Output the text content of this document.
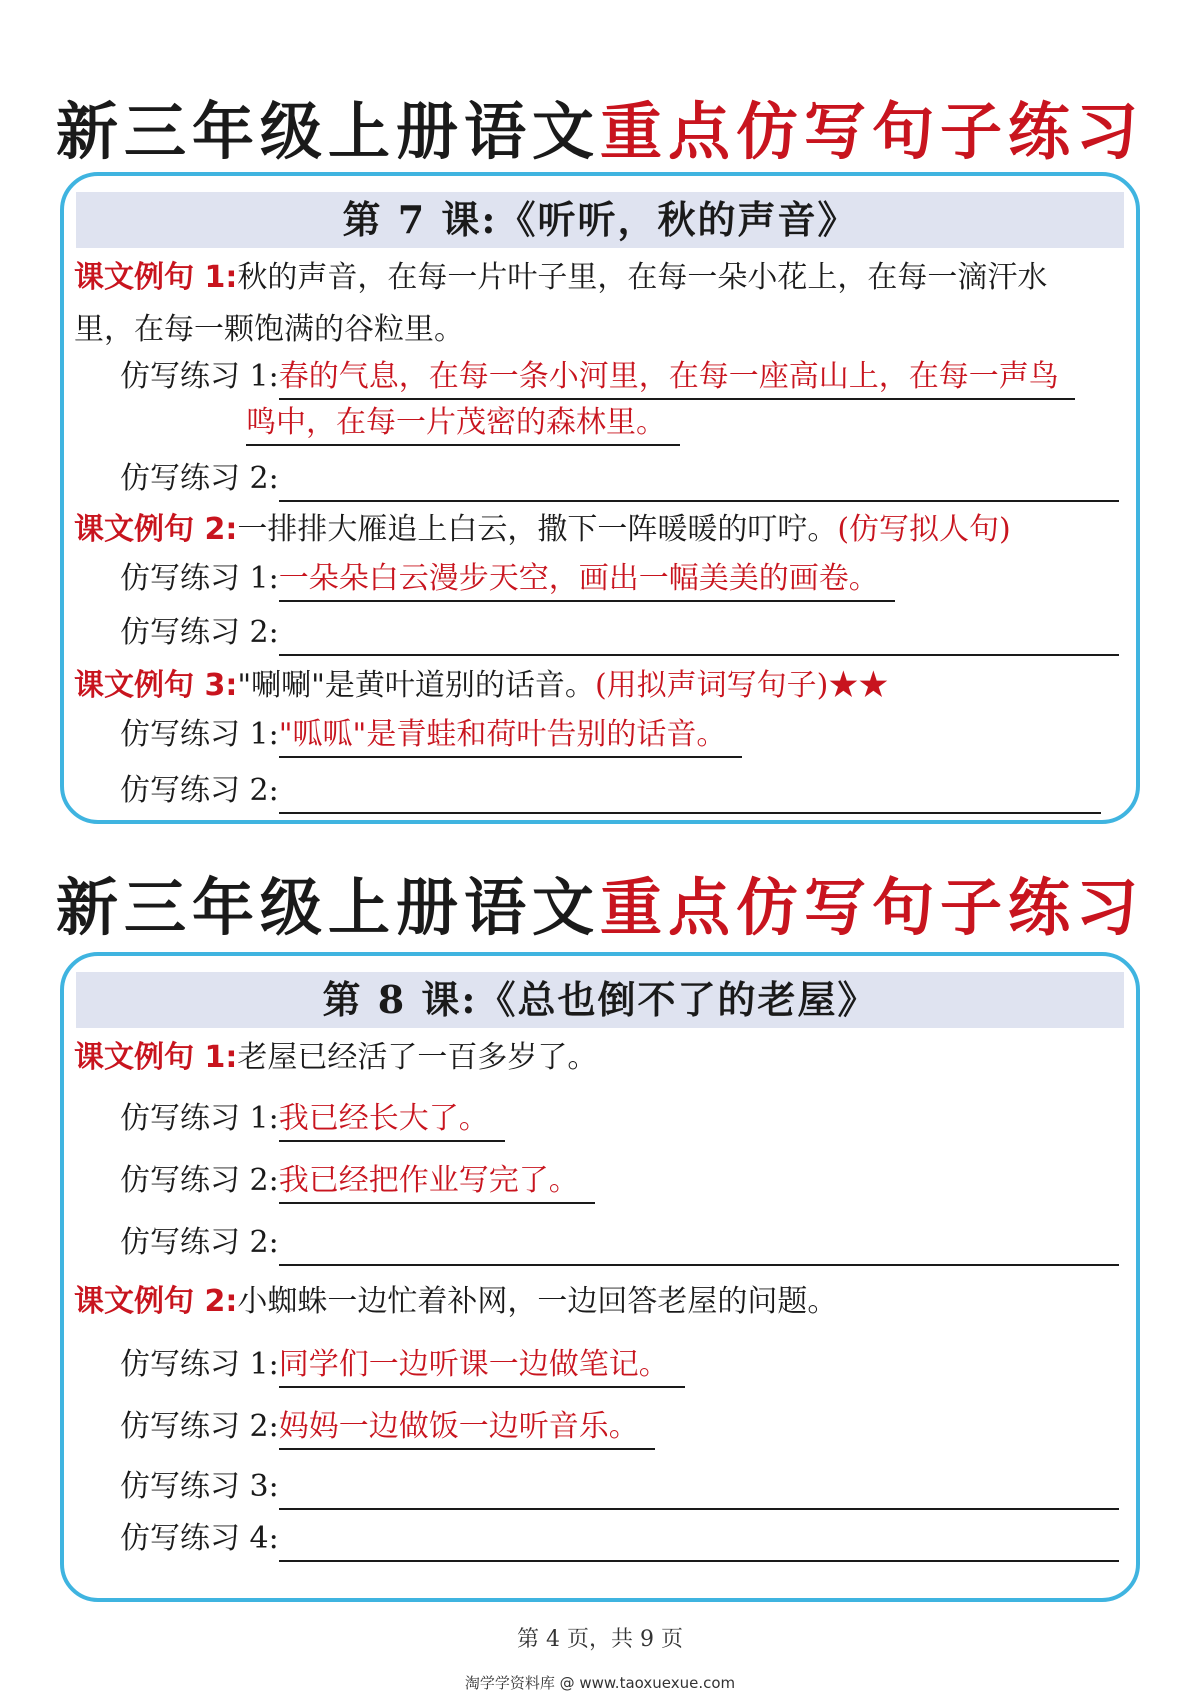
新三年级上册语文重点仿写句子练习
第 7 课:《听听，秋的声音》
课文例句 1:秋的声音，在每一片叶子里，在每一朵小花上，在每一滴汗水
里，在每一颗饱满的谷粒里。
仿写练习 1:春的气息，在每一条小河里，在每一座高山上，在每一声鸟
鸣中，在每一片茂密的森林里。
仿写练习 2:
课文例句 2:一排排大雁追上白云，撒下一阵暖暖的叮咛。(仿写拟人句)
仿写练习 1:一朵朵白云漫步天空，画出一幅美美的画卷。
仿写练习 2:
课文例句 3:"唰唰"是黄叶道别的话音。(用拟声词写句子)★★
仿写练习 1:"呱呱"是青蛙和荷叶告别的话音。
仿写练习 2:
新三年级上册语文重点仿写句子练习
第 8 课:《总也倒不了的老屋》
课文例句 1:老屋已经活了一百多岁了。
仿写练习 1:我已经长大了。
仿写练习 2:我已经把作业写完了。
仿写练习 2:
课文例句 2:小蜘蛛一边忙着补网，一边回答老屋的问题。
仿写练习 1:同学们一边听课一边做笔记。
仿写练习 2:妈妈一边做饭一边听音乐。
仿写练习 3:
仿写练习 4:
第 4 页，共 9 页
淘学学资料库 @ www.taoxuexue.com
